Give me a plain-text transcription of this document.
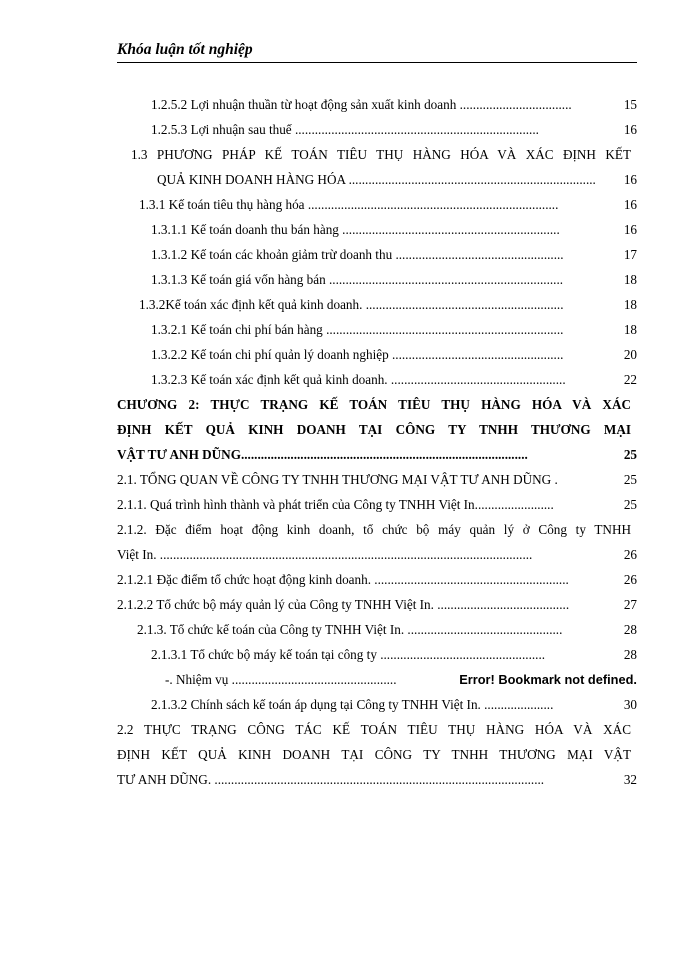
Khóa luận tốt nghiệp
1.2.5.2 Lợi nhuận thuần từ hoạt động sản xuất kinh doanh ..................................	15
1.2.5.3 Lợi nhuận sau thuế ..........................................................................	16
1.3 PHƯƠNG PHÁP KẾ TOÁN TIÊU THỤ HÀNG HÓA VÀ XÁC ĐỊNH KẾT
QUẢ KINH DOANH HÀNG HÓA ...........................................................................	16
1.3.1 Kế toán tiêu thụ hàng hóa ............................................................................	16
1.3.1.1 Kế toán doanh thu bán hàng ..................................................................	16
1.3.1.2 Kế toán các khoản giảm trừ doanh thu ...................................................	17
1.3.1.3 Kế toán giá vốn hàng bán .......................................................................	18
1.3.2Kế toán xác định kết quả kinh doanh. ............................................................	18
1.3.2.1 Kế toán chi phí bán hàng ........................................................................	18
1.3.2.2 Kế toán chi phí quản lý doanh nghiệp ....................................................	20
1.3.2.3 Kế toán xác định kết quả kinh doanh. .....................................................	22
CHƯƠNG 2: THỰC TRẠNG KẾ TOÁN TIÊU THỤ HÀNG HÓA VÀ XÁC
ĐỊNH KẾT QUẢ KINH DOANH TẠI CÔNG TY TNHH THƯƠNG MẠI
VẬT TƯ ANH DŨNG.......................................................................................	25
2.1. TỔNG QUAN VỀ CÔNG TY TNHH THƯƠNG MẠI VẬT TƯ ANH DŨNG .	25
2.1.1. Quá trình hình thành và phát triển của Công ty TNHH Việt In........................	25
2.1.2. Đặc điểm hoạt động kinh doanh, tổ chức bộ máy quản lý ở Công ty TNHH
Việt In. .................................................................................................................	26
2.1.2.1 Đặc điểm tổ chức hoạt động kinh doanh. ...........................................................	26
2.1.2.2 Tổ chức bộ máy quản lý của Công ty TNHH Việt In. ........................................	27
2.1.3. Tổ chức kế toán của Công ty TNHH Việt In. ...............................................	28
2.1.3.1 Tổ chức bộ máy kế toán tại công ty ..................................................	28
-. Nhiệm vụ ..................................................	Error! Bookmark not defined.
2.1.3.2 Chính sách kế toán áp dụng tại Công ty TNHH Việt In. .....................	30
2.2 THỰC TRẠNG CÔNG TÁC KẾ TOÁN TIÊU THỤ HÀNG HÓA VÀ XÁC
ĐỊNH KẾT QUẢ KINH DOANH TẠI CÔNG TY TNHH THƯƠNG MẠI VẬT
TƯ ANH DŨNG. ....................................................................................................	32
